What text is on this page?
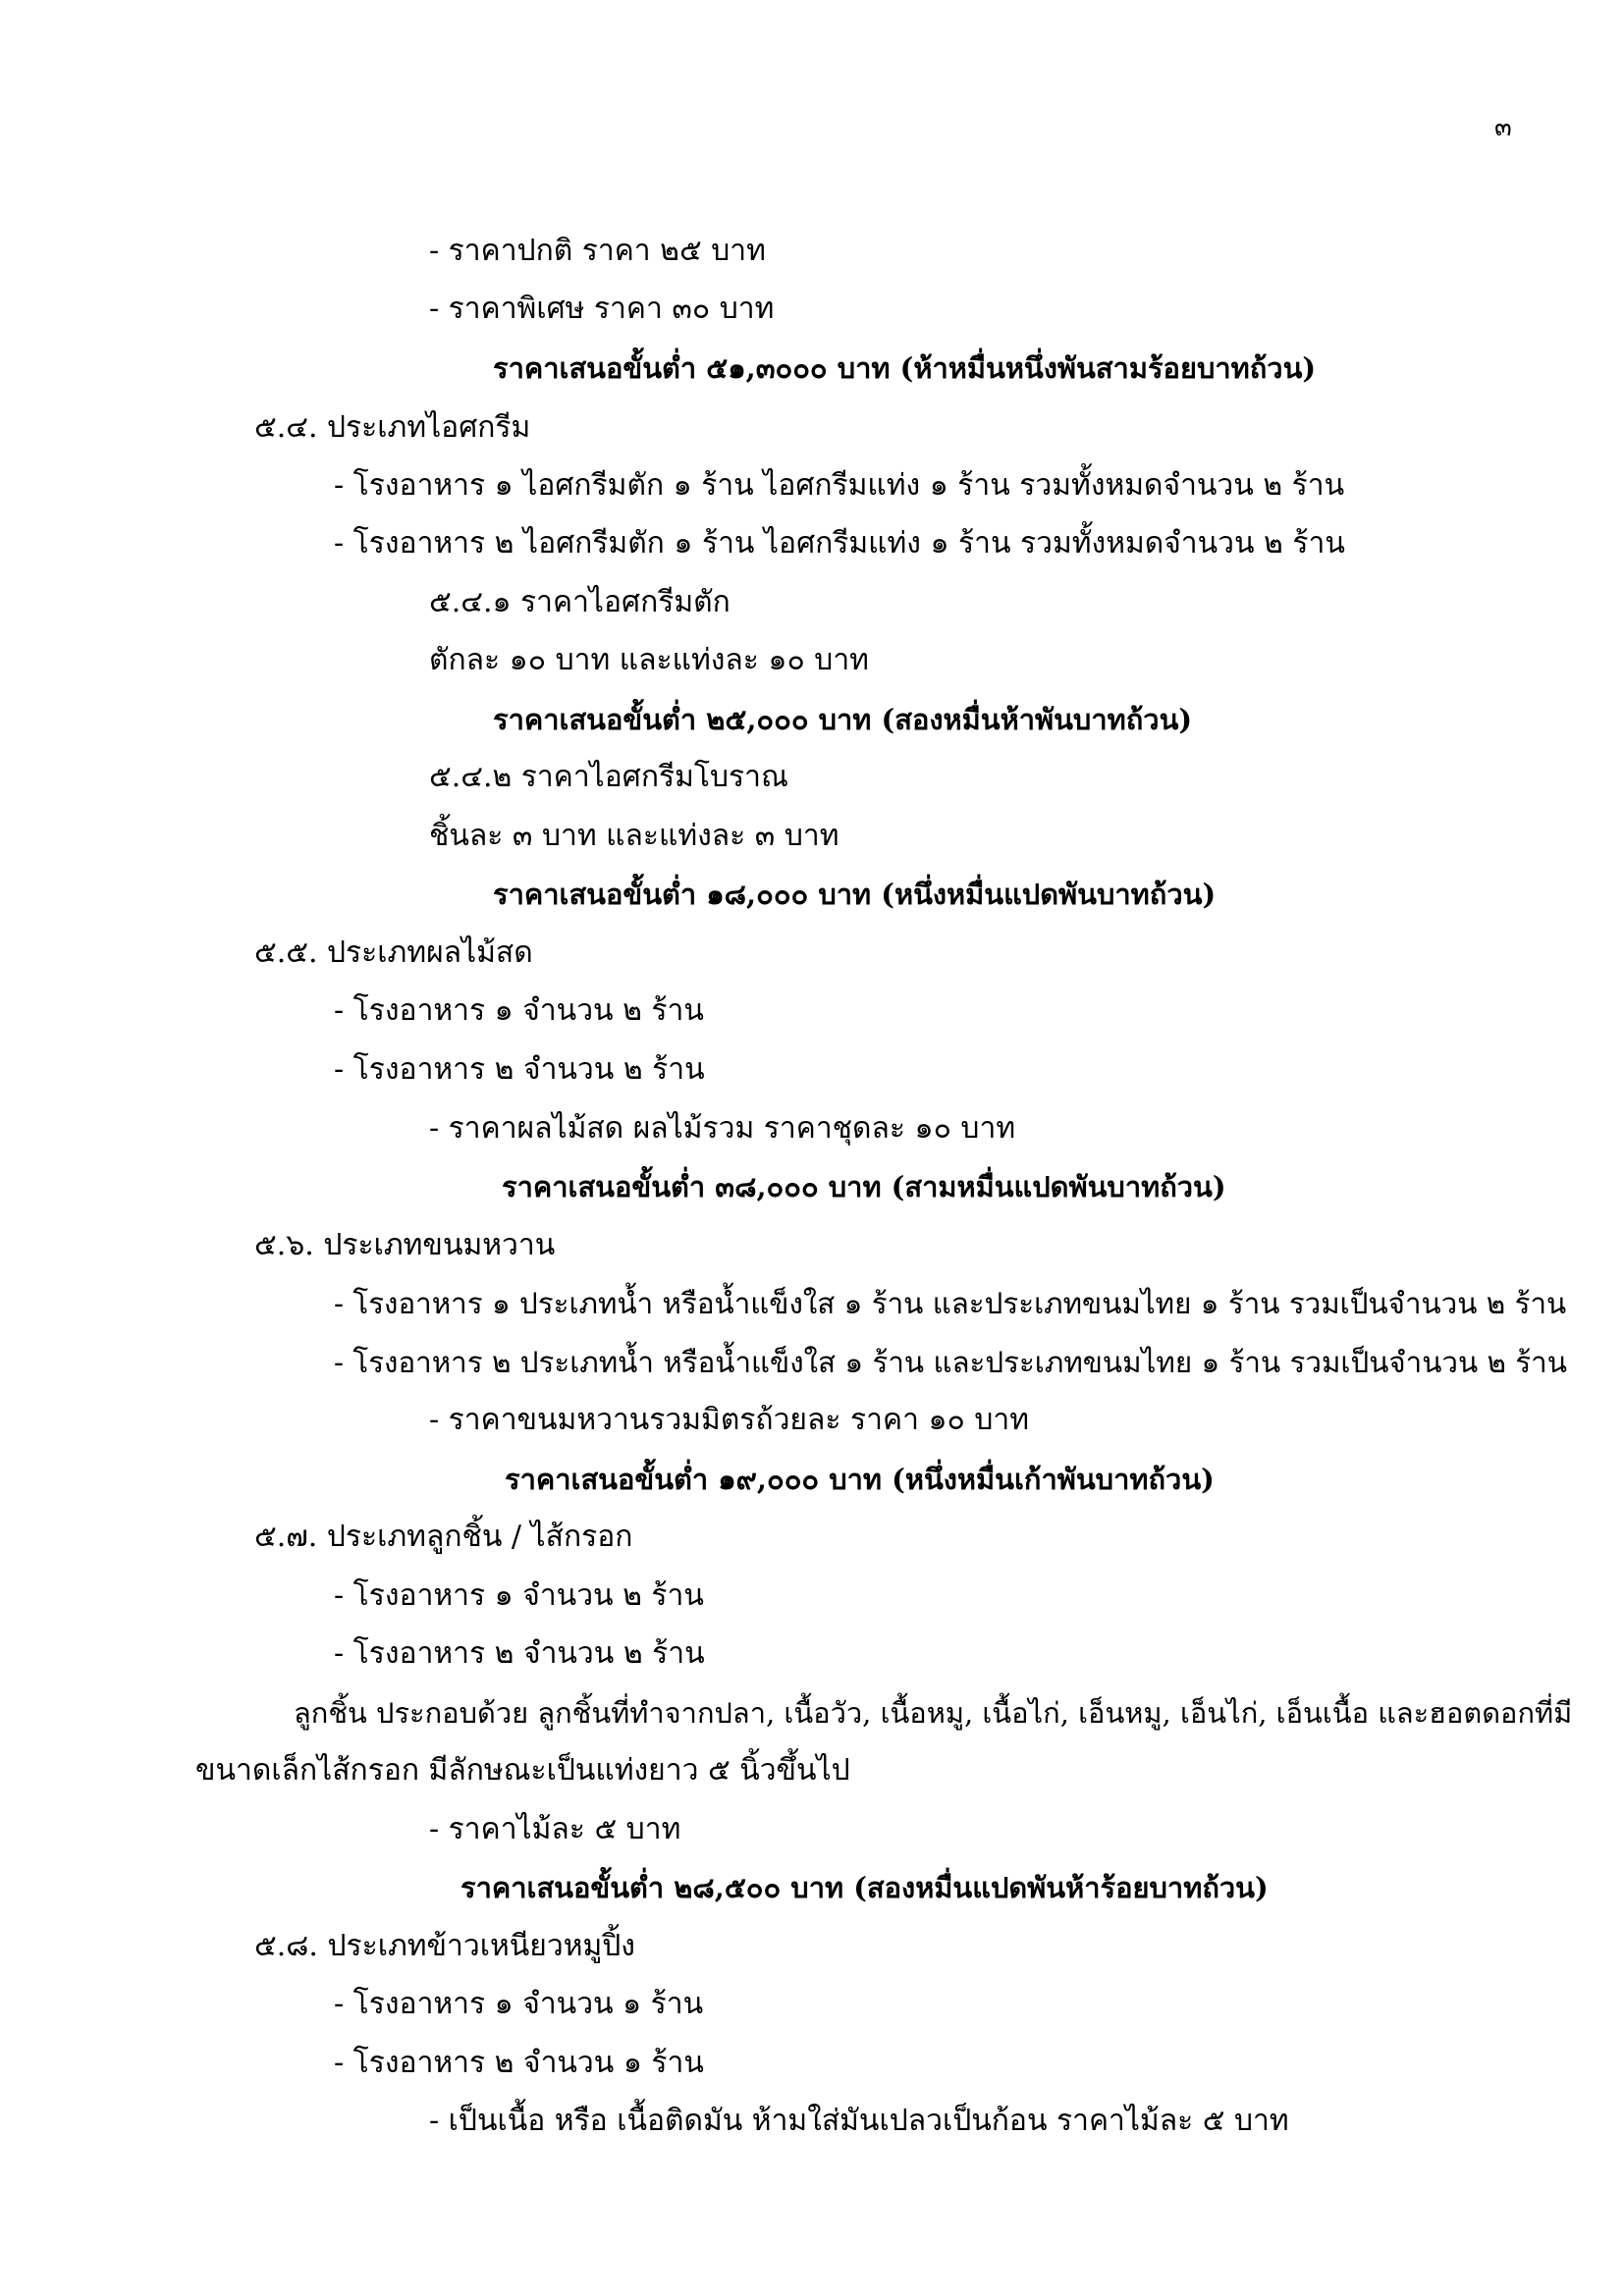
๓
- ราคาปกติ ราคา ๒๕ บาท
- ราคาพิเศษ ราคา ๓๐ บาท
ราคาเสนอขั้นต่ำ ๕๑,๓๐๐๐ บาท (ห้าหมื่นหนึ่งพันสามร้อยบาทถ้วน)
๕.๔. ประเภทไอศกรีม
- โรงอาหาร ๑ ไอศกรีมตัก ๑ ร้าน ไอศกรีมแท่ง ๑ ร้าน รวมทั้งหมดจำนวน ๒ ร้าน
- โรงอาหาร ๒ ไอศกรีมตัก ๑ ร้าน ไอศกรีมแท่ง ๑ ร้าน รวมทั้งหมดจำนวน ๒ ร้าน
๕.๔.๑ ราคาไอศกรีมตัก
ตักละ ๑๐ บาท และแท่งละ ๑๐ บาท
ราคาเสนอขั้นต่ำ ๒๕,๐๐๐ บาท (สองหมื่นห้าพันบาทถ้วน)
๕.๔.๒ ราคาไอศกรีมโบราณ
ชิ้นละ ๓ บาท และแท่งละ ๓ บาท
ราคาเสนอขั้นต่ำ ๑๘,๐๐๐ บาท (หนึ่งหมื่นแปดพันบาทถ้วน)
๕.๕. ประเภทผลไม้สด
- โรงอาหาร ๑ จำนวน ๒ ร้าน
- โรงอาหาร ๒ จำนวน ๒ ร้าน
- ราคาผลไม้สด ผลไม้รวม ราคาชุดละ ๑๐ บาท
ราคาเสนอขั้นต่ำ ๓๘,๐๐๐ บาท (สามหมื่นแปดพันบาทถ้วน)
๕.๖. ประเภทขนมหวาน
- โรงอาหาร ๑ ประเภทน้ำ หรือน้ำแข็งใส ๑ ร้าน และประเภทขนมไทย ๑ ร้าน รวมเป็นจำนวน ๒ ร้าน
- โรงอาหาร ๒ ประเภทน้ำ หรือน้ำแข็งใส ๑ ร้าน และประเภทขนมไทย ๑ ร้าน รวมเป็นจำนวน ๒ ร้าน
- ราคาขนมหวานรวมมิตรถ้วยละ ราคา ๑๐ บาท
ราคาเสนอขั้นต่ำ ๑๙,๐๐๐ บาท (หนึ่งหมื่นเก้าพันบาทถ้วน)
๕.๗. ประเภทลูกชิ้น / ไส้กรอก
- โรงอาหาร ๑ จำนวน ๒ ร้าน
- โรงอาหาร ๒ จำนวน ๒ ร้าน
ลูกชิ้น ประกอบด้วย ลูกชิ้นที่ทำจากปลา, เนื้อวัว, เนื้อหมู, เนื้อไก่, เอ็นหมู, เอ็นไก่, เอ็นเนื้อ และฮอตดอกที่มี
ขนาดเล็กไส้กรอก มีลักษณะเป็นแท่งยาว ๕ นิ้วขึ้นไป
- ราคาไม้ละ ๕ บาท
ราคาเสนอขั้นต่ำ ๒๘,๕๐๐ บาท (สองหมื่นแปดพันห้าร้อยบาทถ้วน)
๕.๘. ประเภทข้าวเหนียวหมูปิ้ง
- โรงอาหาร ๑ จำนวน ๑ ร้าน
- โรงอาหาร ๒ จำนวน ๑ ร้าน
- เป็นเนื้อ หรือ เนื้อติดมัน ห้ามใส่มันเปลวเป็นก้อน ราคาไม้ละ ๕ บาท
